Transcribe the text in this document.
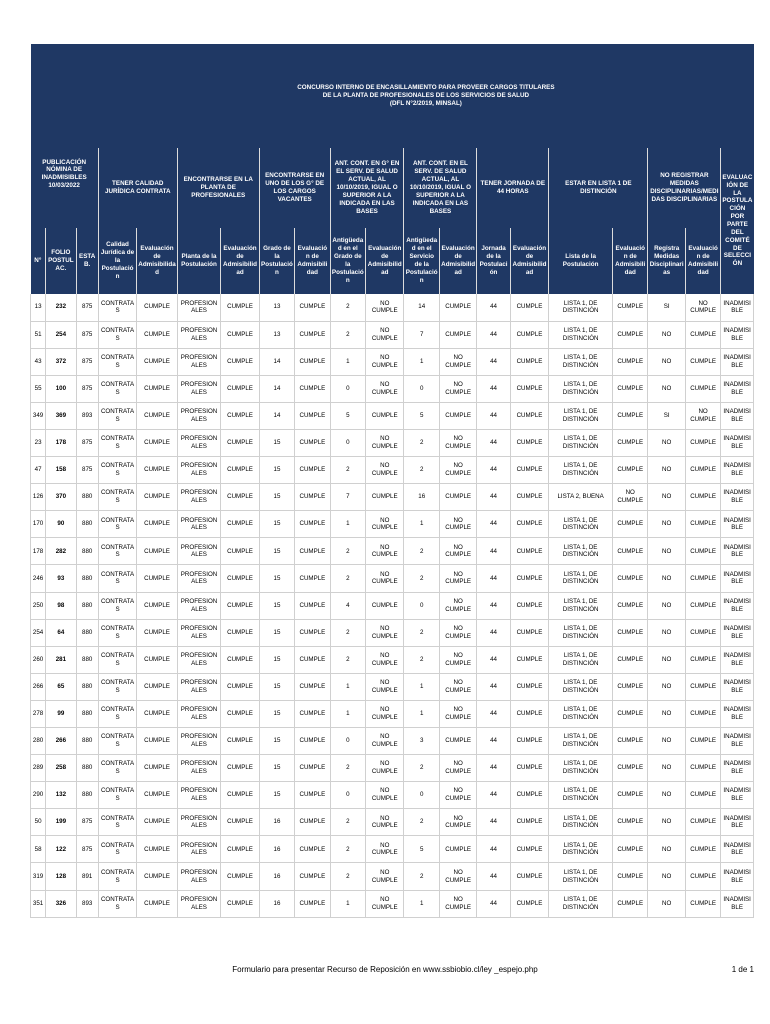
PUBLICACIÓN NÓMINA DE INADMISIBLES 10/03/2022			CONCURSO INTERNO DE ENCASILLAMIENTO PARA PROVEER CARGOS TITULARES
DE LA PLANTA DE PROFESIONALES DE LOS SERVICIOS DE SALUD
(DFL N°2/2019, MINSAL)																

			TENER CALIDAD JURÍDICA CONTRATA		ENCONTRARSE EN LA PLANTA DE PROFESIONALES		ENCONTRARSE EN UNO DE LOS G° DE LOS CARGOS VACANTES		ANT. CONT. EN G° EN EL SERV. DE SALUD ACTUAL, AL 10/10/2019, IGUAL O SUPERIOR A LA INDICADA EN LAS BASES		ANT. CONT. EN EL SERV. DE SALUD ACTUAL, AL 10/10/2019, IGUAL O SUPERIOR A LA INDICADA EN LAS BASES		TENER JORNADA DE 44 HORAS		ESTAR EN LISTA 1 DE DISTINCIÓN		NO REGISTRAR MEDIDAS DISCIPLINARIAS/MEDIDAS DISCIPLINARIAS		EVALUACIÓN DE LA POSTULACIÓN POR PARTE DEL COMITÉ DE SELECCIÓN
N°	FOLIO POSTULAC.	ESTAB.	Calidad Jurídica de la Postulación	Evaluación de Admisibilidad	Planta de la Postulación	Evaluación de Admisibilidad	Grado de la Postulación	Evaluación de Admisibilidad	Antigüedad en el Grado de la Postulación	Evaluación de Admisibilidad	Antigüedad en el Servicio de la Postulación	Evaluación de Admisibilidad	Jornada de la Postulación	Evaluación de Admisibilidad	Lista de la Postulación	Evaluación de Admisibilidad	Registra Medidas Disciplinarias	Evaluación de Admisibilidad	
13	232	875	CONTRATAS	CUMPLE	PROFESIONALES	CUMPLE	13	CUMPLE	2	NO CUMPLE	14	CUMPLE	44	CUMPLE	LISTA 1, DE DISTINCIÓN	CUMPLE	SI	NO CUMPLE	INADMISIBLE
51	254	875	CONTRATAS	CUMPLE	PROFESIONALES	CUMPLE	13	CUMPLE	2	NO CUMPLE	7	CUMPLE	44	CUMPLE	LISTA 1, DE DISTINCIÓN	CUMPLE	NO	CUMPLE	INADMISIBLE
43	372	875	CONTRATAS	CUMPLE	PROFESIONALES	CUMPLE	14	CUMPLE	1	NO CUMPLE	1	NO CUMPLE	44	CUMPLE	LISTA 1, DE DISTINCIÓN	CUMPLE	NO	CUMPLE	INADMISIBLE
55	100	875	CONTRATAS	CUMPLE	PROFESIONALES	CUMPLE	14	CUMPLE	0	NO CUMPLE	0	NO CUMPLE	44	CUMPLE	LISTA 1, DE DISTINCIÓN	CUMPLE	NO	CUMPLE	INADMISIBLE
349	369	893	CONTRATAS	CUMPLE	PROFESIONALES	CUMPLE	14	CUMPLE	5	CUMPLE	5	CUMPLE	44	CUMPLE	LISTA 1, DE DISTINCIÓN	CUMPLE	SI	NO CUMPLE	INADMISIBLE
23	178	875	CONTRATAS	CUMPLE	PROFESIONALES	CUMPLE	15	CUMPLE	0	NO CUMPLE	2	NO CUMPLE	44	CUMPLE	LISTA 1, DE DISTINCIÓN	CUMPLE	NO	CUMPLE	INADMISIBLE
47	158	875	CONTRATAS	CUMPLE	PROFESIONALES	CUMPLE	15	CUMPLE	2	NO CUMPLE	2	NO CUMPLE	44	CUMPLE	LISTA 1, DE DISTINCIÓN	CUMPLE	NO	CUMPLE	INADMISIBLE
126	370	880	CONTRATAS	CUMPLE	PROFESIONALES	CUMPLE	15	CUMPLE	7	CUMPLE	16	CUMPLE	44	CUMPLE	LISTA 2, BUENA	NO CUMPLE	NO	CUMPLE	INADMISIBLE
170	90	880	CONTRATAS	CUMPLE	PROFESIONALES	CUMPLE	15	CUMPLE	1	NO CUMPLE	1	NO CUMPLE	44	CUMPLE	LISTA 1, DE DISTINCIÓN	CUMPLE	NO	CUMPLE	INADMISIBLE
178	282	880	CONTRATAS	CUMPLE	PROFESIONALES	CUMPLE	15	CUMPLE	2	NO CUMPLE	2	NO CUMPLE	44	CUMPLE	LISTA 1, DE DISTINCIÓN	CUMPLE	NO	CUMPLE	INADMISIBLE
246	93	880	CONTRATAS	CUMPLE	PROFESIONALES	CUMPLE	15	CUMPLE	2	NO CUMPLE	2	NO CUMPLE	44	CUMPLE	LISTA 1, DE DISTINCIÓN	CUMPLE	NO	CUMPLE	INADMISIBLE
250	98	880	CONTRATAS	CUMPLE	PROFESIONALES	CUMPLE	15	CUMPLE	4	CUMPLE	0	NO CUMPLE	44	CUMPLE	LISTA 1, DE DISTINCIÓN	CUMPLE	NO	CUMPLE	INADMISIBLE
254	64	880	CONTRATAS	CUMPLE	PROFESIONALES	CUMPLE	15	CUMPLE	2	NO CUMPLE	2	NO CUMPLE	44	CUMPLE	LISTA 1, DE DISTINCIÓN	CUMPLE	NO	CUMPLE	INADMISIBLE
260	281	880	CONTRATAS	CUMPLE	PROFESIONALES	CUMPLE	15	CUMPLE	2	NO CUMPLE	2	NO CUMPLE	44	CUMPLE	LISTA 1, DE DISTINCIÓN	CUMPLE	NO	CUMPLE	INADMISIBLE
266	65	880	CONTRATAS	CUMPLE	PROFESIONALES	CUMPLE	15	CUMPLE	1	NO CUMPLE	1	NO CUMPLE	44	CUMPLE	LISTA 1, DE DISTINCIÓN	CUMPLE	NO	CUMPLE	INADMISIBLE
278	99	880	CONTRATAS	CUMPLE	PROFESIONALES	CUMPLE	15	CUMPLE	1	NO CUMPLE	1	NO CUMPLE	44	CUMPLE	LISTA 1, DE DISTINCIÓN	CUMPLE	NO	CUMPLE	INADMISIBLE
280	266	880	CONTRATAS	CUMPLE	PROFESIONALES	CUMPLE	15	CUMPLE	0	NO CUMPLE	3	CUMPLE	44	CUMPLE	LISTA 1, DE DISTINCIÓN	CUMPLE	NO	CUMPLE	INADMISIBLE
289	258	880	CONTRATAS	CUMPLE	PROFESIONALES	CUMPLE	15	CUMPLE	2	NO CUMPLE	2	NO CUMPLE	44	CUMPLE	LISTA 1, DE DISTINCIÓN	CUMPLE	NO	CUMPLE	INADMISIBLE
290	132	880	CONTRATAS	CUMPLE	PROFESIONALES	CUMPLE	15	CUMPLE	0	NO CUMPLE	0	NO CUMPLE	44	CUMPLE	LISTA 1, DE DISTINCIÓN	CUMPLE	NO	CUMPLE	INADMISIBLE
50	199	875	CONTRATAS	CUMPLE	PROFESIONALES	CUMPLE	16	CUMPLE	2	NO CUMPLE	2	NO CUMPLE	44	CUMPLE	LISTA 1, DE DISTINCIÓN	CUMPLE	NO	CUMPLE	INADMISIBLE
58	122	875	CONTRATAS	CUMPLE	PROFESIONALES	CUMPLE	16	CUMPLE	2	NO CUMPLE	5	CUMPLE	44	CUMPLE	LISTA 1, DE DISTINCIÓN	CUMPLE	NO	CUMPLE	INADMISIBLE
319	128	891	CONTRATAS	CUMPLE	PROFESIONALES	CUMPLE	16	CUMPLE	2	NO CUMPLE	2	NO CUMPLE	44	CUMPLE	LISTA 1, DE DISTINCIÓN	CUMPLE	NO	CUMPLE	INADMISIBLE
351	326	893	CONTRATAS	CUMPLE	PROFESIONALES	CUMPLE	16	CUMPLE	1	NO CUMPLE	1	NO CUMPLE	44	CUMPLE	LISTA 1, DE DISTINCIÓN	CUMPLE	NO	CUMPLE	INADMISIBLE
Formulario para presentar Recurso de Reposición en www.ssbiobio.cl/ley _espejo.php	1 de 1
